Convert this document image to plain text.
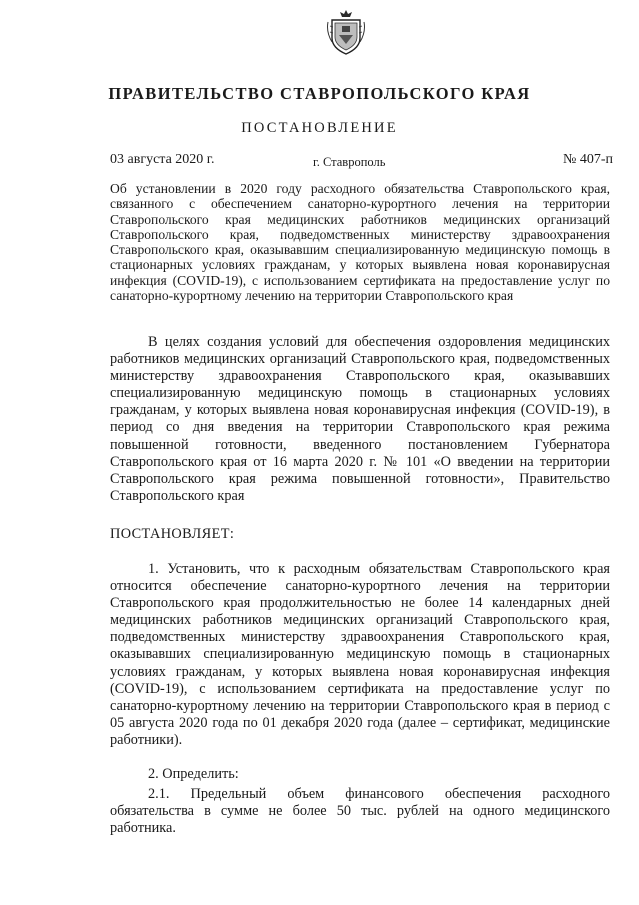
ПРАВИТЕЛЬСТВО СТАВРОПОЛЬСКОГО КРАЯ
ПОСТАНОВЛЕНИЕ
03 августа 2020 г.	г. Ставрополь	№ 407-п
Об установлении в 2020 году расходного обязательства Ставропольского края, связанного с обеспечением санаторно-курортного лечения на территории Ставропольского края медицинских работников медицинских организаций Ставропольского края, подведомственных министерству здравоохранения Ставропольского края, оказывавшим специализированную медицинскую помощь в стационарных условиях гражданам, у которых выявлена новая коронавирусная инфекция (COVID-19), с использованием сертификата на предоставление услуг по санаторно-курортному лечению на территории Ставропольского края
В целях создания условий для обеспечения оздоровления медицинских работников медицинских организаций Ставропольского края, подведомственных министерству здравоохранения Ставропольского края, оказывавших специализированную медицинскую помощь в стационарных условиях гражданам, у которых выявлена новая коронавирусная инфекция (COVID-19), в период со дня введения на территории Ставропольского края режима повышенной готовности, введенного постановлением Губернатора Ставропольского края от 16 марта 2020 г. № 101 «О введении на территории Ставропольского края режима повышенной готовности», Правительство Ставропольского края
ПОСТАНОВЛЯЕТ:
1. Установить, что к расходным обязательствам Ставропольского края относится обеспечение санаторно-курортного лечения на территории Ставропольского края продолжительностью не более 14 календарных дней медицинских работников медицинских организаций Ставропольского края, подведомственных министерству здравоохранения Ставропольского края, оказывавших специализированную медицинскую помощь в стационарных условиях гражданам, у которых выявлена новая коронавирусная инфекция (COVID-19), с использованием сертификата на предоставление услуг по санаторно-курортному лечению на территории Ставропольского края в период с 05 августа 2020 года по 01 декабря 2020 года (далее – сертификат, медицинские работники).
2. Определить:
2.1. Предельный объем финансового обеспечения расходного обязательства в сумме не более 50 тыс. рублей на одного медицинского работника.
